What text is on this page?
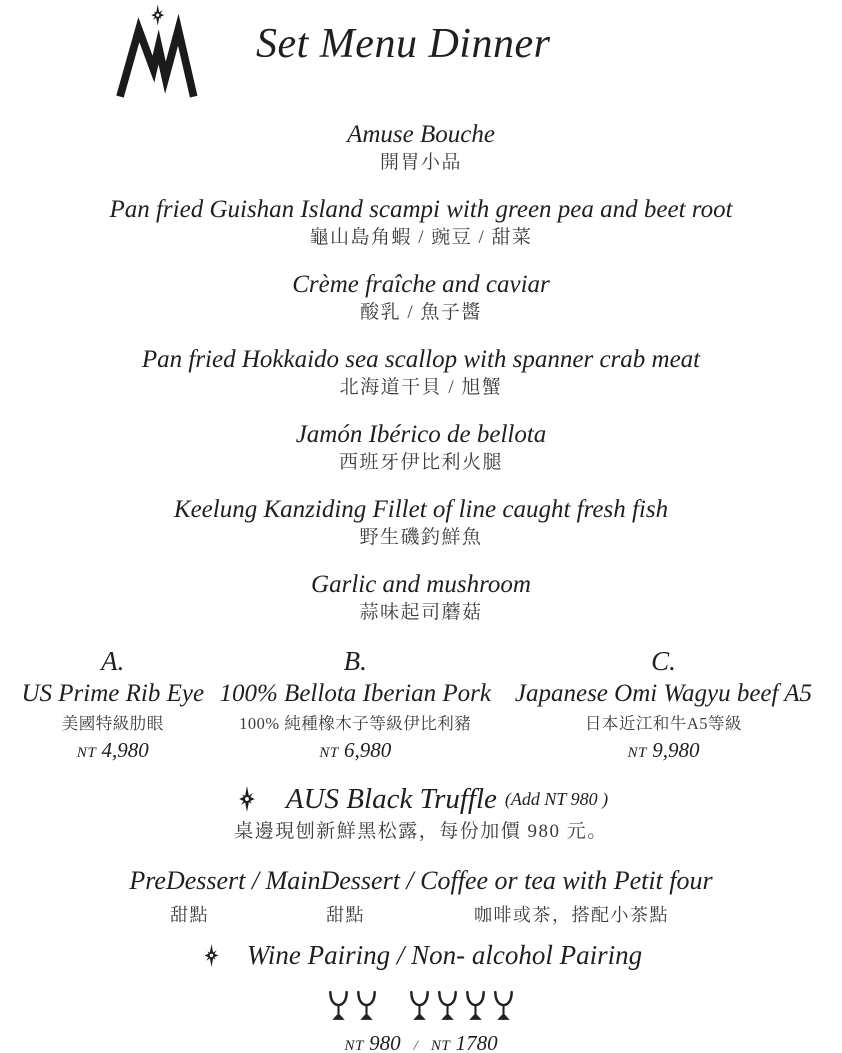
Set Menu Dinner
Amuse Bouche
開胃小品
Pan fried Guishan Island scampi with green pea and beet root
龜山島角蝦 / 豌豆 / 甜菜
Crème fraîche and caviar
酸乳 / 魚子醬
Pan fried Hokkaido sea scallop with spanner crab meat
北海道干貝 / 旭蟹
Jamón Ibérico de bellota
西班牙伊比利火腿
Keelung Kanziding Fillet of line caught fresh fish
野生磯釣鮮魚
Garlic and mushroom
蒜味起司蘑菇
A.
US Prime Rib Eye
美國特級肋眼
NT 4,980
B.
100% Bellota Iberian Pork
100% 純種橡木子等級伊比利豬
NT 6,980
C.
Japanese Omi Wagyu beef A5
日本近江和牛A5等級
NT 9,980
AUS Black Truffle (Add NT 980 )
桌邊現刨新鮮黑松露，每份加價 980 元。
PreDessert / MainDessert / Coffee or tea with Petit four
甜點	甜點	咖啡或茶，搭配小茶點
Wine Pairing / Non- alcohol Pairing
NT 980 / NT 1780
